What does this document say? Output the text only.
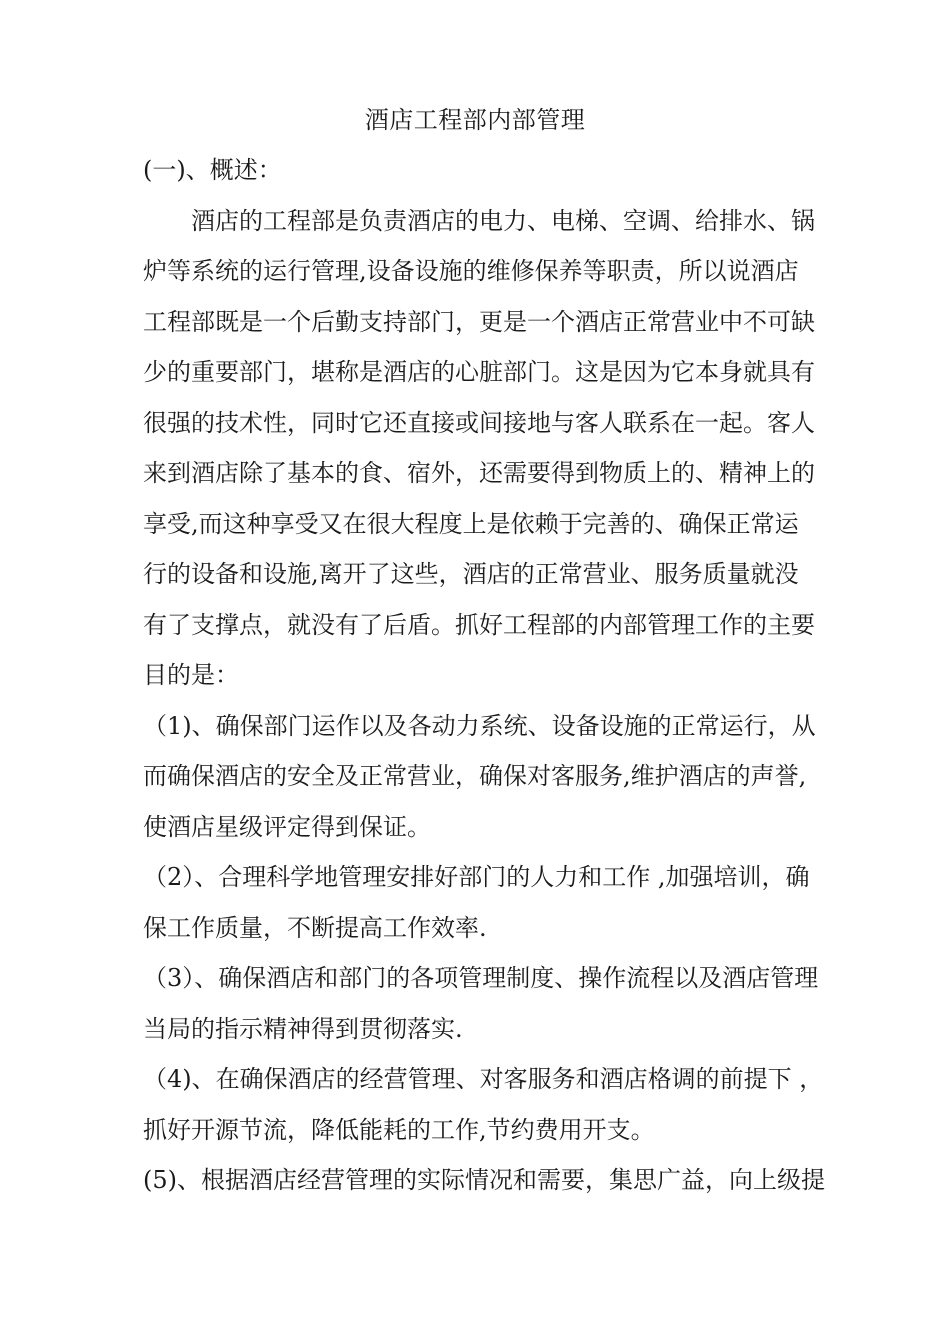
酒店工程部内部管理
(一)、概述：
酒店的工程部是负责酒店的电力、电梯、空调、给排水、锅
炉等系统的运行管理,设备设施的维修保养等职责，所以说酒店
工程部既是一个后勤支持部门，更是一个酒店正常营业中不可缺
少的重要部门，堪称是酒店的心脏部门。这是因为它本身就具有
很强的技术性，同时它还直接或间接地与客人联系在一起。客人
来到酒店除了基本的食、宿外，还需要得到物质上的、精神上的
享受,而这种享受又在很大程度上是依赖于完善的、确保正常运
行的设备和设施,离开了这些，酒店的正常营业、服务质量就没
有了支撑点，就没有了后盾。抓好工程部的内部管理工作的主要
目的是：
（1)、确保部门运作以及各动力系统、设备设施的正常运行，从
而确保酒店的安全及正常营业，确保对客服务,维护酒店的声誉,
使酒店星级评定得到保证。
（2）、合理科学地管理安排好部门的人力和工作 ,加强培训，确
保工作质量，不断提高工作效率.
（3）、确保酒店和部门的各项管理制度、操作流程以及酒店管理
当局的指示精神得到贯彻落实.
（4)、在确保酒店的经营管理、对客服务和酒店格调的前提下 ，
抓好开源节流，降低能耗的工作,节约费用开支。
(5)、根据酒店经营管理的实际情况和需要，集思广益，向上级提
